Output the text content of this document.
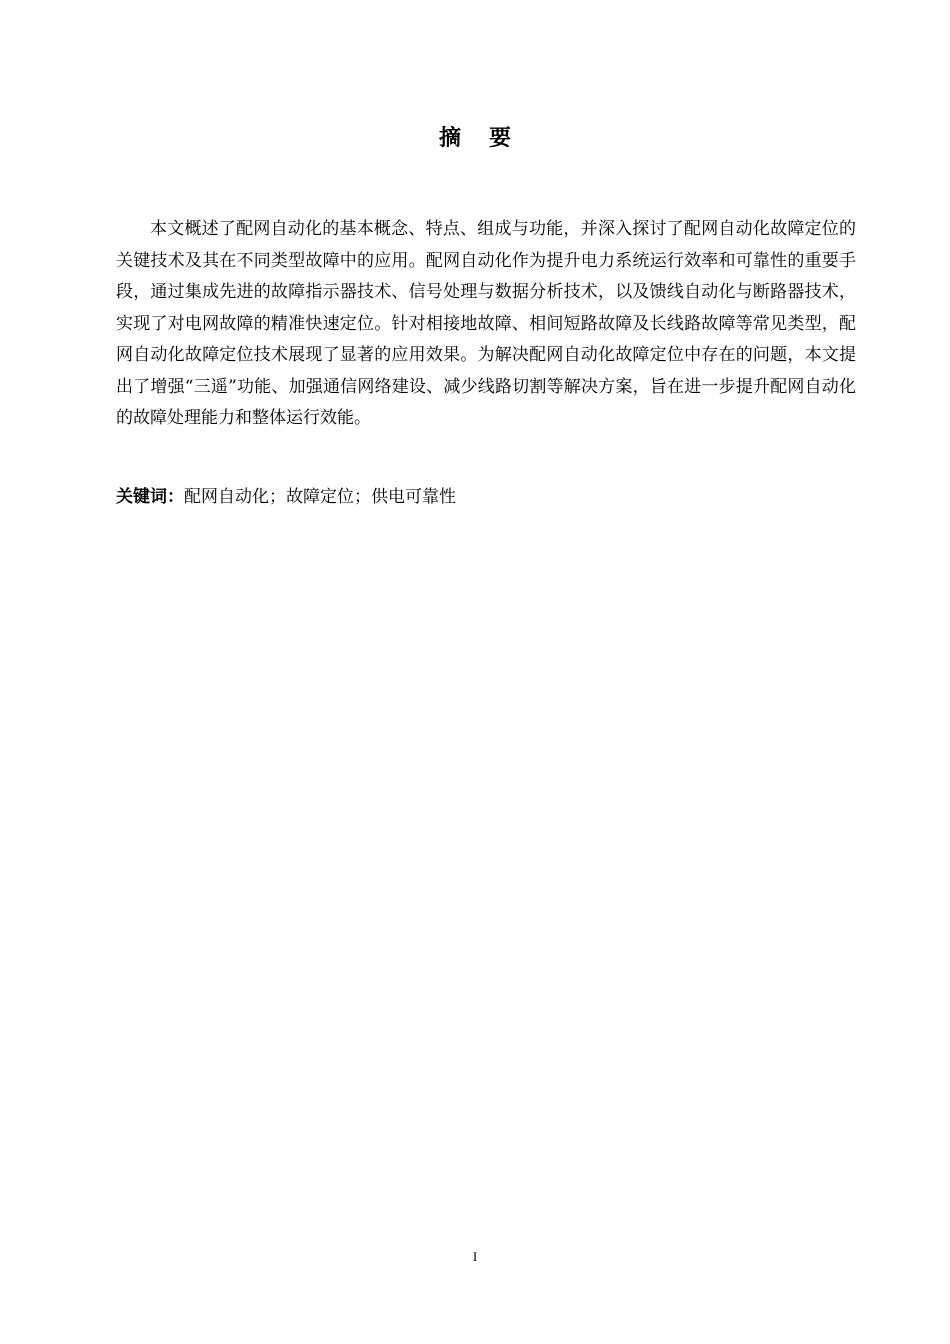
摘要

本文概述了配网自动化的基本概念、特点、组成与功能，并深入探讨了配网自动化故障定位的关键技术及其在不同类型故障中的应用。配网自动化作为提升电力系统运行效率和可靠性的重要手段，通过集成先进的故障指示器技术、信号处理与数据分析技术，以及馈线自动化与断路器技术，实现了对电网故障的精准快速定位。针对相接地故障、相间短路故障及长线路故障等常见类型，配网自动化故障定位技术展现了显著的应用效果。为解决配网自动化故障定位中存在的问题，本文提出了增强“三遥”功能、加强通信网络建设、减少线路切割等解决方案，旨在进一步提升配网自动化的故障处理能力和整体运行效能。

关键词：配网自动化；故障定位；供电可靠性

I
